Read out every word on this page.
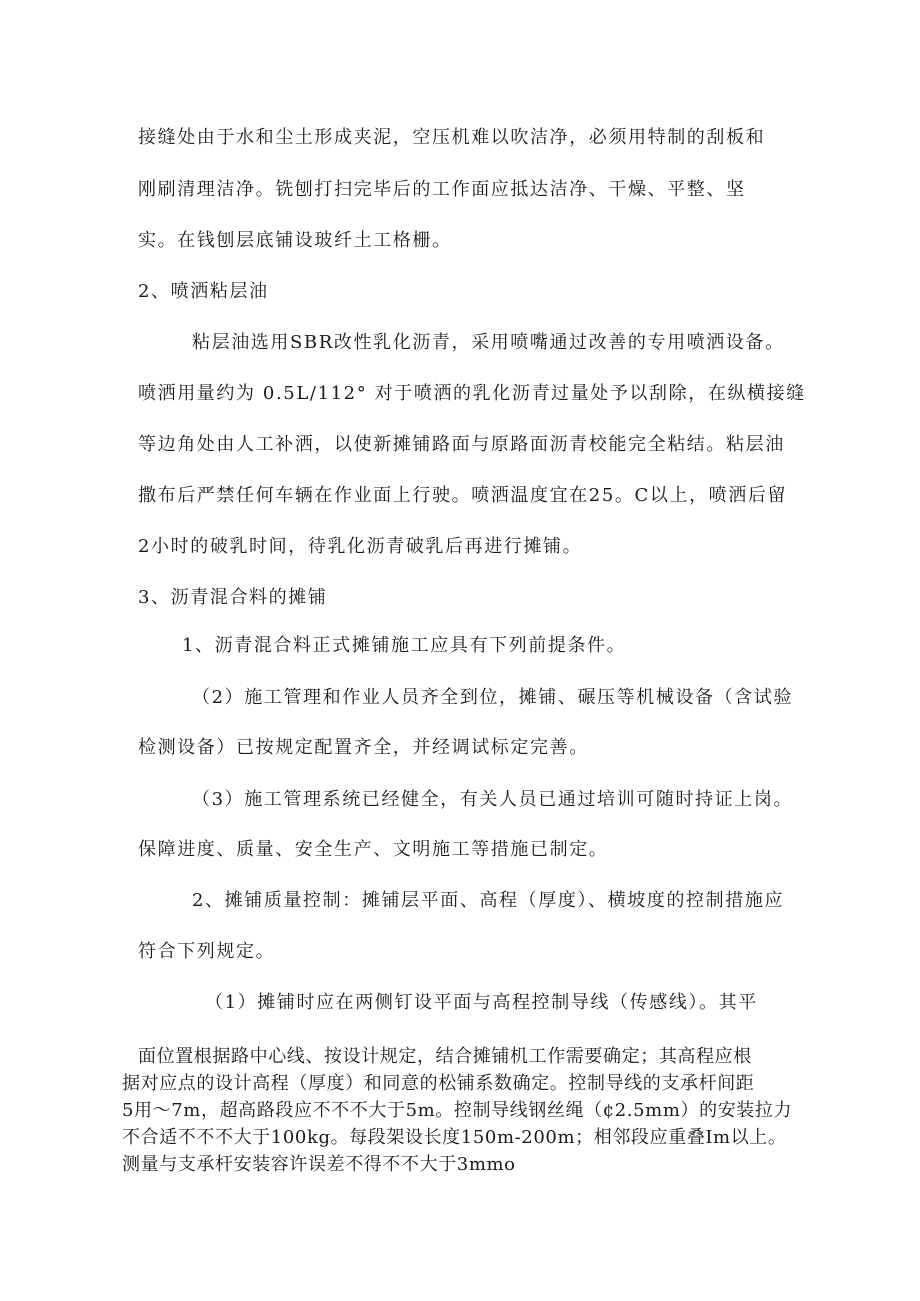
接缝处由于水和尘土形成夹泥，空压机难以吹洁净，必须用特制的刮板和
刚刷清理洁净。铣刨打扫完毕后的工作面应抵达洁净、干燥、平整、坚
实。在钱刨层底铺设玻纤土工格栅。
2、喷洒粘层油
粘层油选用SBR改性乳化沥青，采用喷嘴通过改善的专用喷洒设备。
喷洒用量约为 0.5L/112° 对于喷洒的乳化沥青过量处予以刮除，在纵横接缝
等边角处由人工补洒，以使新摊铺路面与原路面沥青校能完全粘结。粘层油
撒布后严禁任何车辆在作业面上行驶。喷洒温度宜在25。C以上，喷洒后留
2小时的破乳时间，待乳化沥青破乳后再进行摊铺。
3、沥青混合料的摊铺
1、沥青混合料正式摊铺施工应具有下列前提条件。
（2）施工管理和作业人员齐全到位，摊铺、碾压等机械设备（含试验
检测设备）已按规定配置齐全，并经调试标定完善。
（3）施工管理系统已经健全，有关人员已通过培训可随时持证上岗。
保障进度、质量、安全生产、文明施工等措施已制定。
2、摊铺质量控制：摊铺层平面、高程（厚度）、横坡度的控制措施应
符合下列规定。
（1）摊铺时应在两侧钉设平面与高程控制导线（传感线）。其平
面位置根据路中心线、按设计规定，结合摊铺机工作需要确定；其高程应根
据对应点的设计高程（厚度）和同意的松铺系数确定。控制导线的支承杆间距
5用～7m，超高路段应不不不大于5m。控制导线钢丝绳（¢2.5mm）的安装拉力
不合适不不不大于100kg。每段架设长度150m-200m；相邻段应重叠Im以上。
测量与支承杆安装容许误差不得不不大于3mmo
